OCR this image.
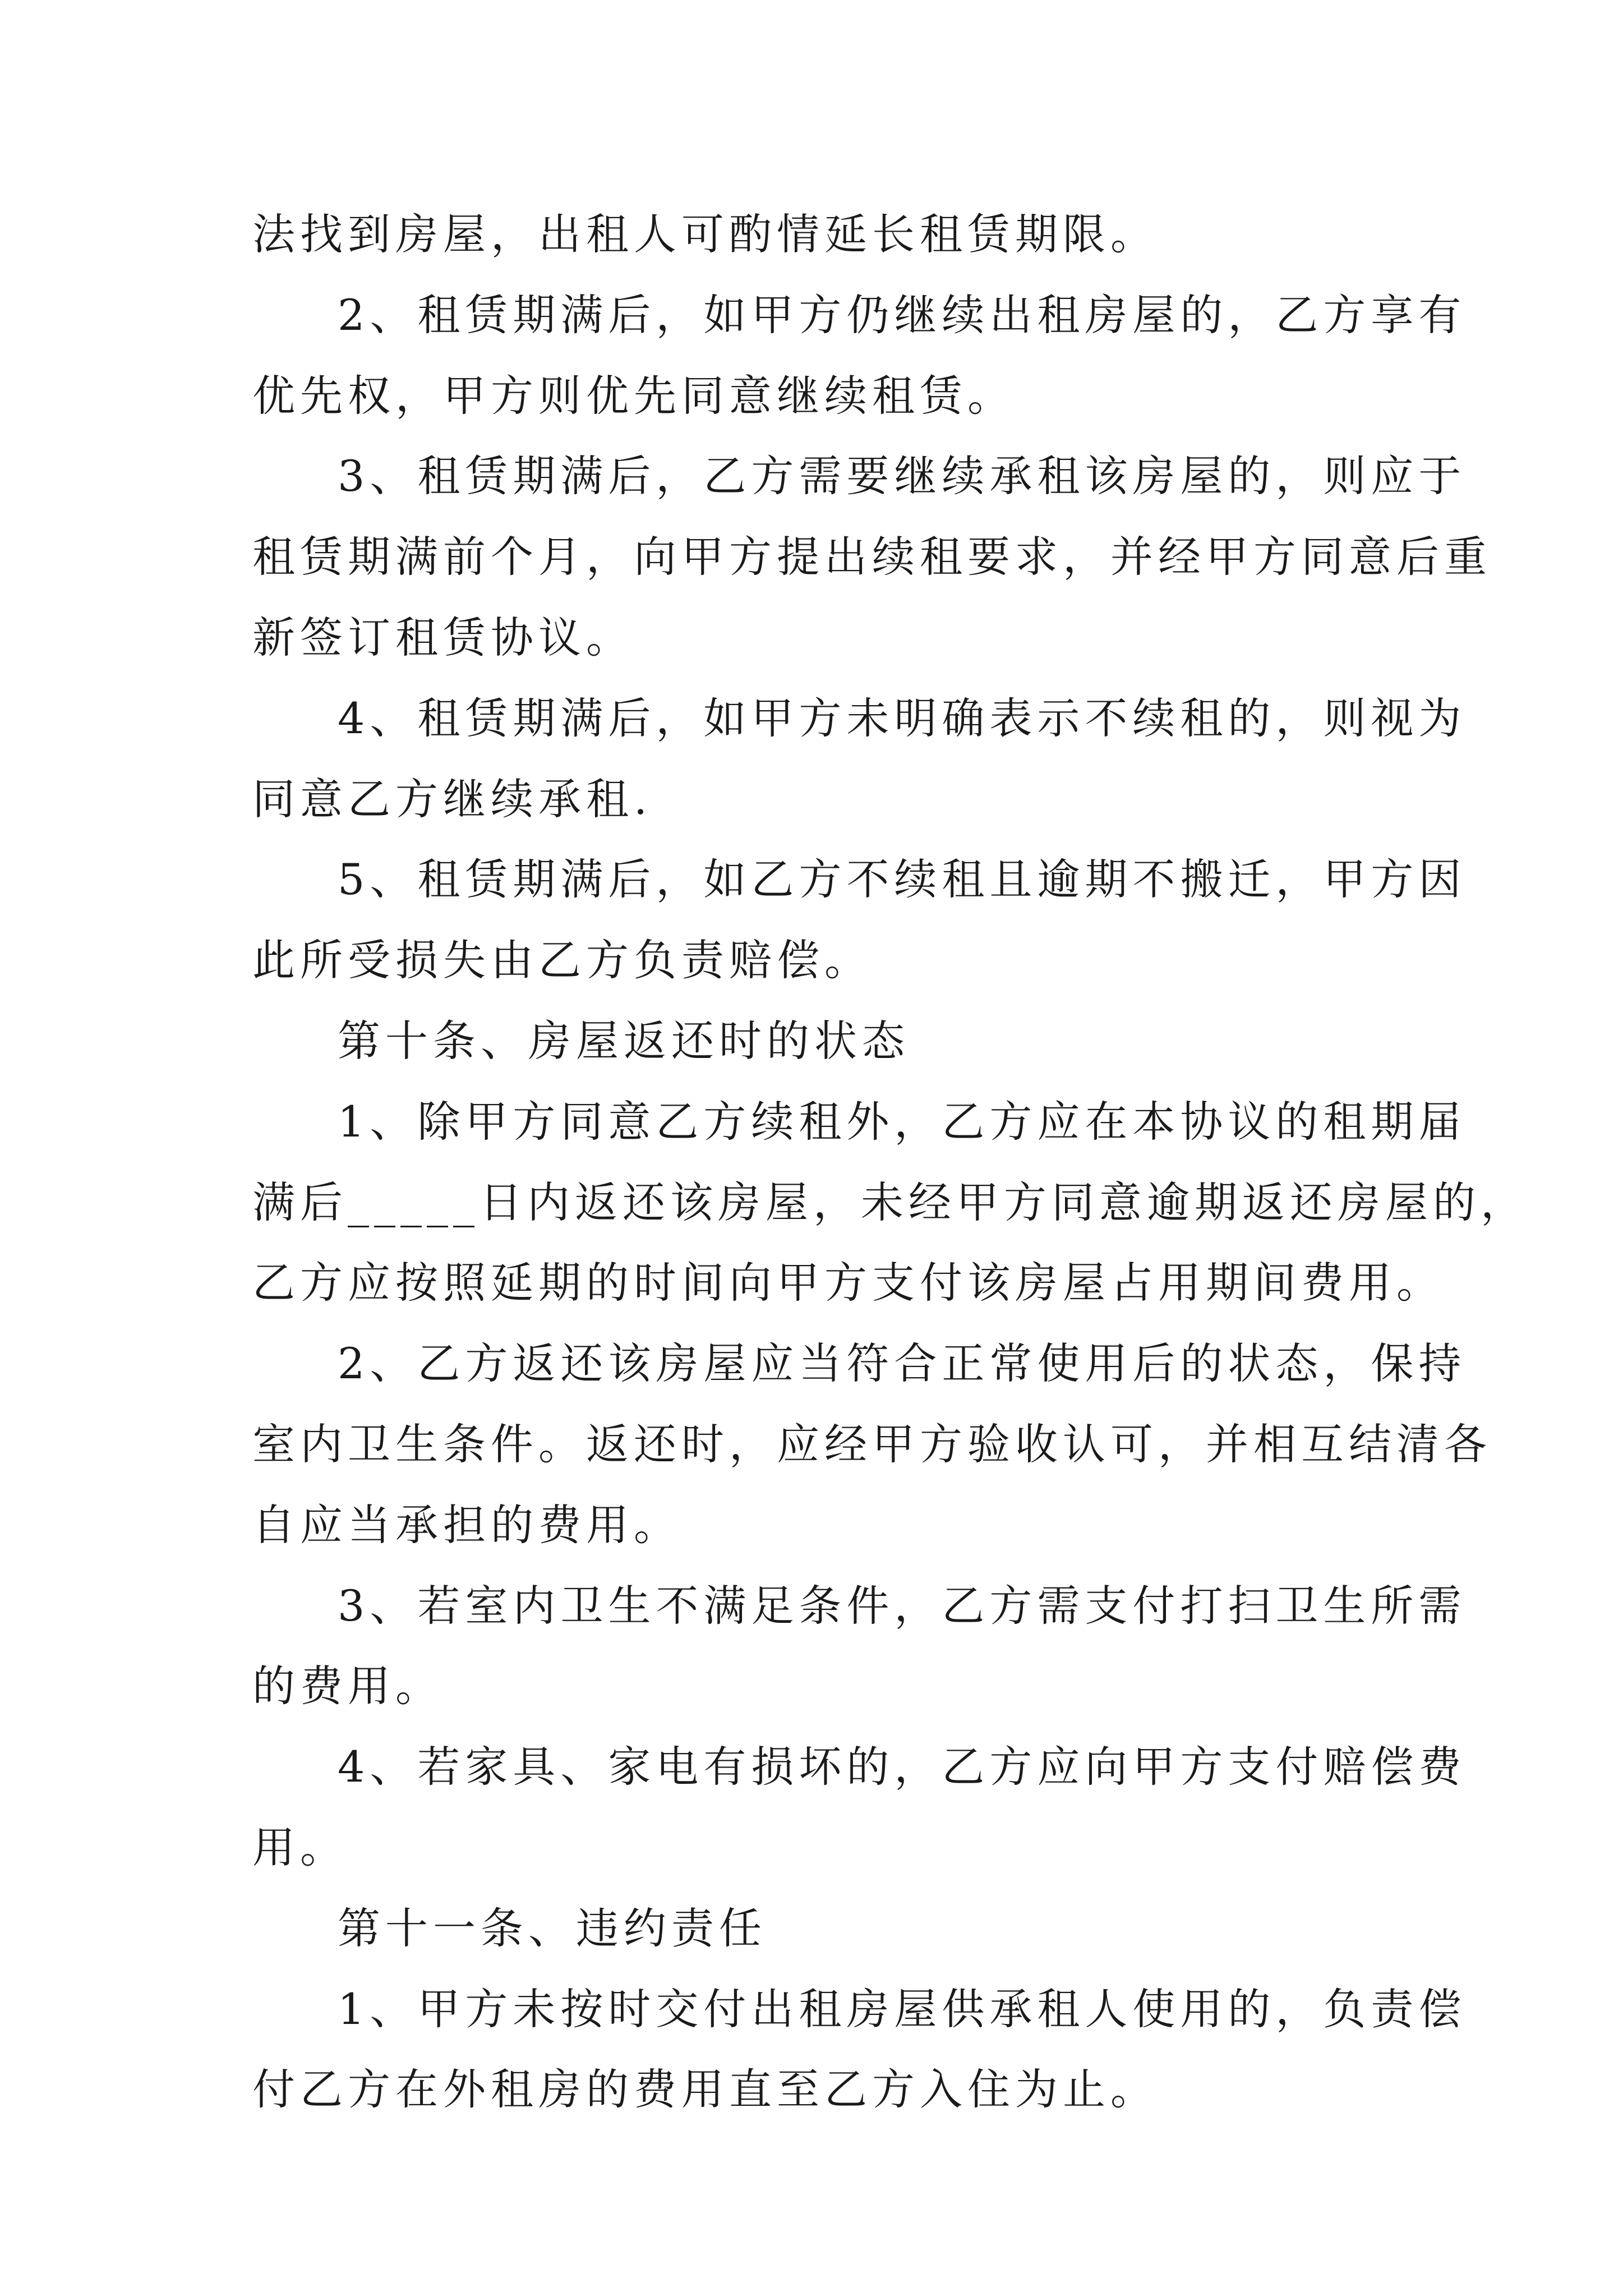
法找到房屋，出租人可酌情延长租赁期限。
2、租赁期满后，如甲方仍继续出租房屋的，乙方享有
优先权，甲方则优先同意继续租赁。
3、租赁期满后，乙方需要继续承租该房屋的，则应于
租赁期满前个月，向甲方提出续租要求，并经甲方同意后重
新签订租赁协议。
4、租赁期满后，如甲方未明确表示不续租的，则视为
同意乙方继续承租.
5、租赁期满后，如乙方不续租且逾期不搬迁，甲方因
此所受损失由乙方负责赔偿。
第十条、房屋返还时的状态
1、除甲方同意乙方续租外，乙方应在本协议的租期届
满后_____日内返还该房屋，未经甲方同意逾期返还房屋的，
乙方应按照延期的时间向甲方支付该房屋占用期间费用。
2、乙方返还该房屋应当符合正常使用后的状态，保持
室内卫生条件。返还时，应经甲方验收认可，并相互结清各
自应当承担的费用。
3、若室内卫生不满足条件，乙方需支付打扫卫生所需
的费用。
4、若家具、家电有损坏的，乙方应向甲方支付赔偿费
用。
第十一条、违约责任
1、甲方未按时交付出租房屋供承租人使用的，负责偿
付乙方在外租房的费用直至乙方入住为止。
